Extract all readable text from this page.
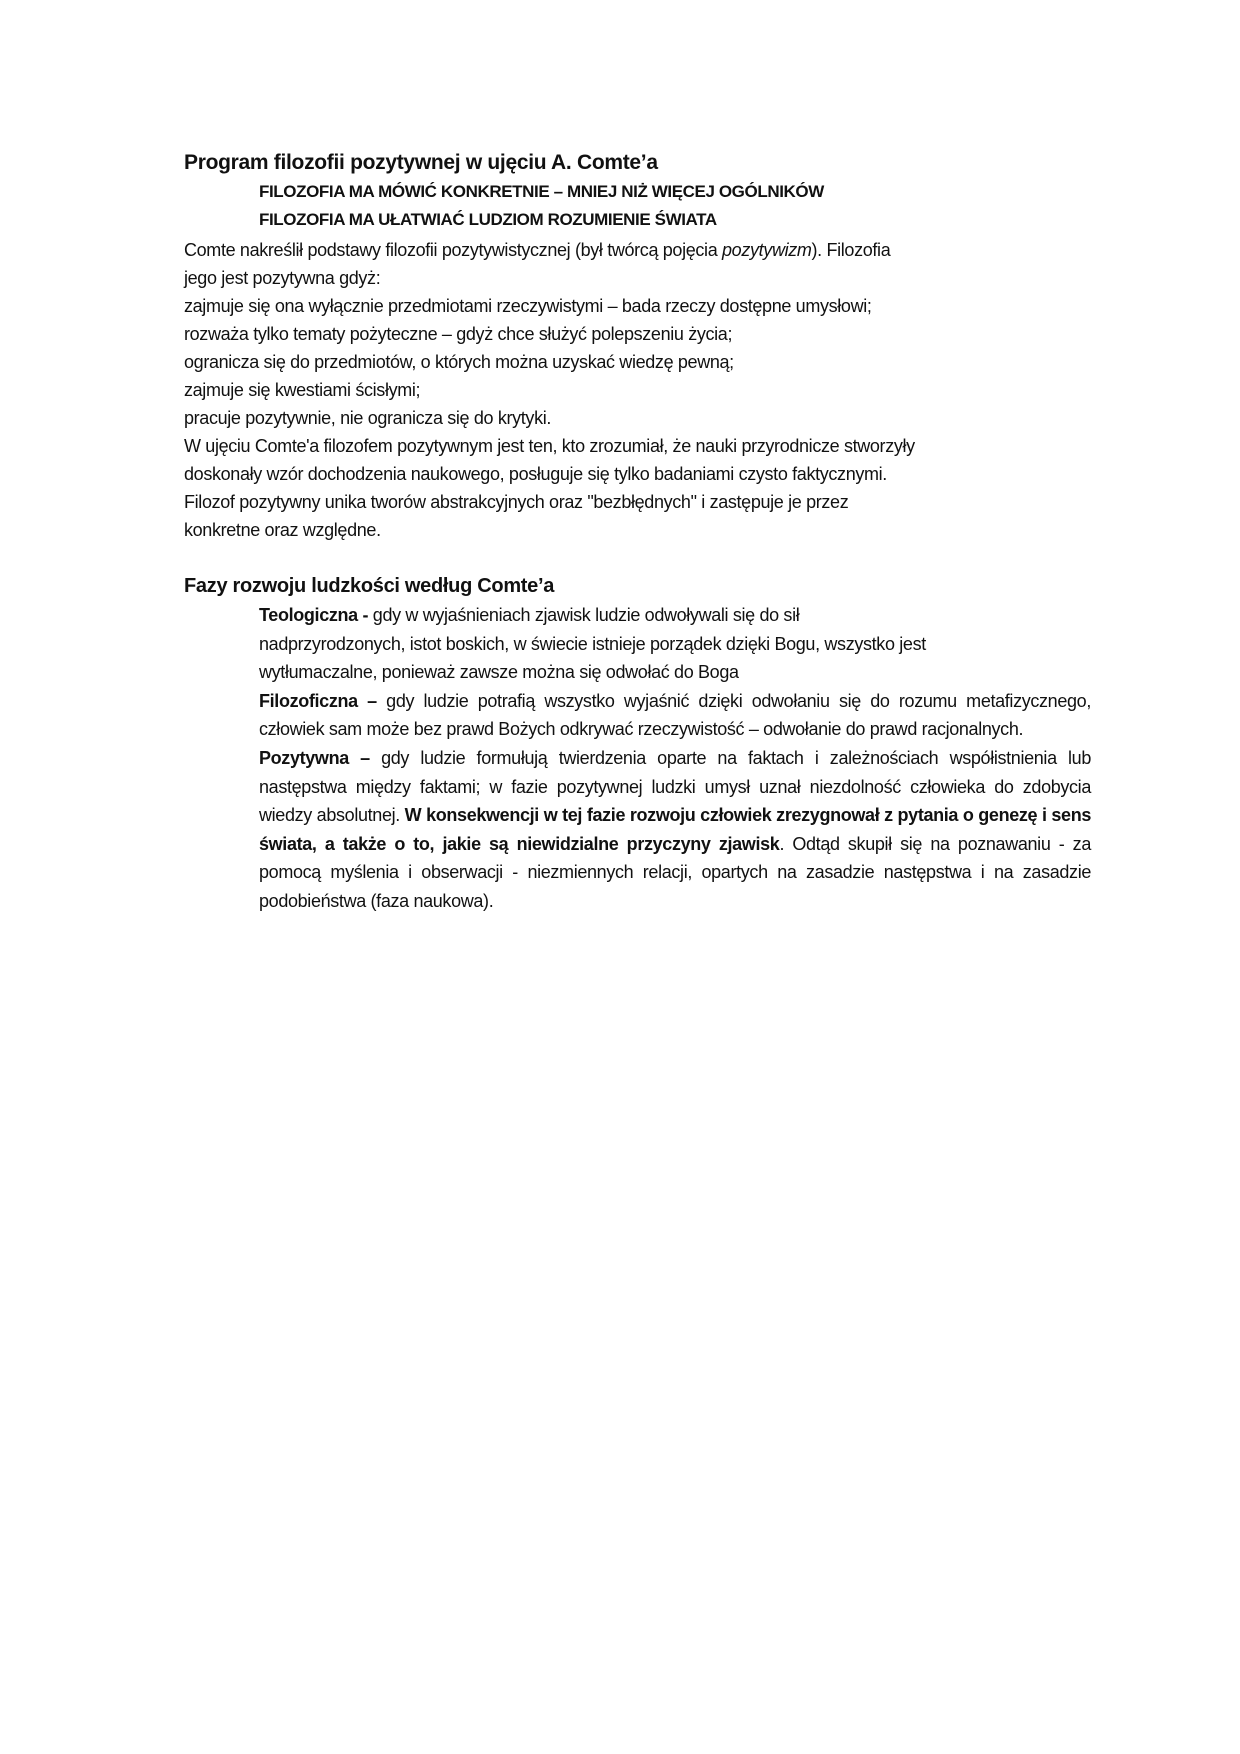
Program filozofii pozytywnej w ujęciu A. Comte’a
FILOZOFIA MA MÓWIĆ KONKRETNIE – MNIEJ NIŻ WIĘCEJ OGÓLNIKÓW
FILOZOFIA MA UŁATWIAĆ LUDZIOM ROZUMIENIE ŚWIATA

Comte nakreślił podstawy filozofii pozytywistycznej (był twórcą pojęcia pozytywizm). Filozofia

jego jest pozytywna gdyż:

zajmuje się ona wyłącznie przedmiotami rzeczywistymi – bada rzeczy dostępne umysłowi;

rozważa tylko tematy pożyteczne – gdyż chce służyć polepszeniu życia;

ogranicza się do przedmiotów, o których można uzyskać wiedzę pewną;

zajmuje się kwestiami ścisłymi;

pracuje pozytywnie, nie ogranicza się do krytyki.

W ujęciu Comte'a filozofem pozytywnym jest ten, kto zrozumiał, że nauki przyrodnicze stworzyły

doskonały wzór dochodzenia naukowego, posługuje się tylko badaniami czysto faktycznymi.

Filozof pozytywny unika tworów abstrakcyjnych oraz "bezbłędnych" i zastępuje je przez

konkretne oraz względne.

Fazy rozwoju ludzkości według Comte’a
Teologiczna - gdy w wyjaśnieniach zjawisk ludzie odwoływali się do sił
nadprzyrodzonych, istot boskich, w świecie istnieje porządek dzięki Bogu, wszystko jest
wytłumaczalne, ponieważ zawsze można się odwołać do Boga
Filozoficzna – gdy ludzie potrafią wszystko wyjaśnić dzięki odwołaniu się do rozumu metafizycznego, człowiek sam może bez prawd Bożych odkrywać rzeczywistość – odwołanie do prawd racjonalnych.
Pozytywna – gdy ludzie formułują twierdzenia oparte na faktach i zależnościach współistnienia lub następstwa między faktami; w fazie pozytywnej ludzki umysł uznał niezdolność człowieka do zdobycia wiedzy absolutnej. W konsekwencji w tej fazie rozwoju człowiek zrezygnował z pytania o genezę i sens świata, a także o to, jakie są niewidzialne przyczyny zjawisk. Odtąd skupił się na poznawaniu - za pomocą myślenia i obserwacji - niezmiennych relacji, opartych na zasadzie następstwa i na zasadzie podobieństwa (faza naukowa).
